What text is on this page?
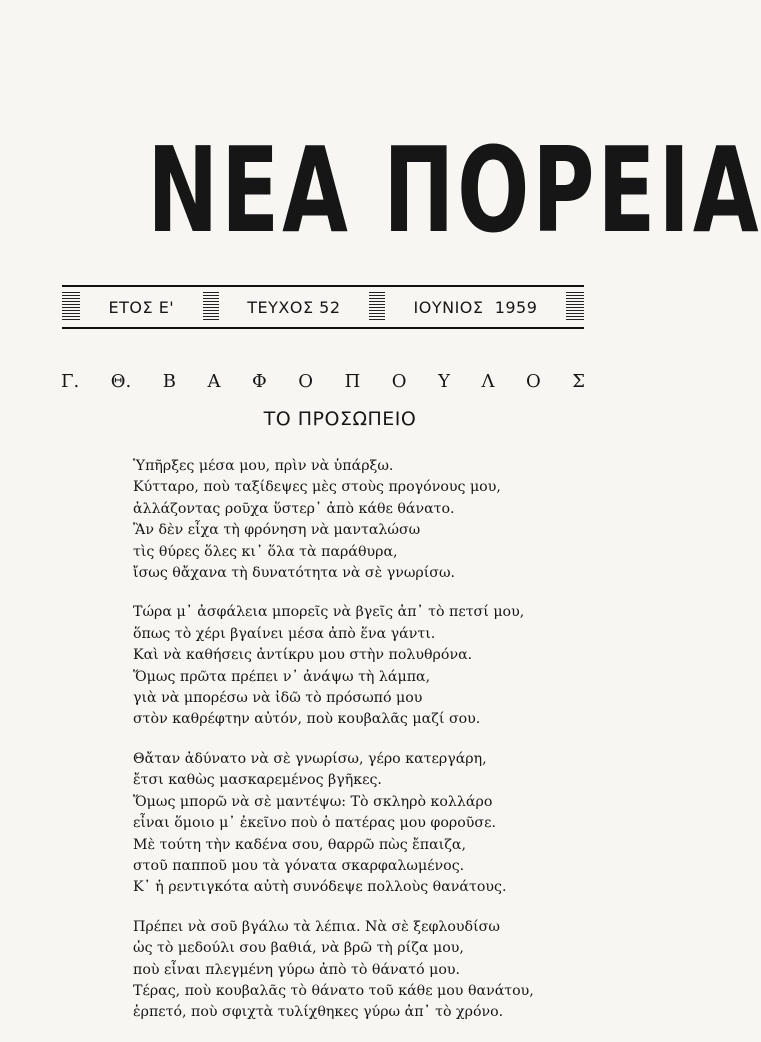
ΝΕΑ ΠΟΡΕΙΑ
ΕΤΟΣ Ε'	ΤΕΥΧΟΣ 52	ΙΟΥΝΙΟΣ 1959
Γ. Θ. Β Α Φ Ο Π Ο Υ Λ Ο Σ
ΤΟ ΠΡΟΣΩΠΕΙΟ
Ὑπῆρξες μέσα μου, πρὶν νὰ ὑπάρξω.
Κύτταρο, ποὺ ταξίδεψες μὲς στοὺς προγόνους μου,
ἀλλάζοντας ροῦχα ὕστερ᾽ ἀπὸ κάθε θάνατο.
Ἂν δὲν εἶχα τὴ φρόνηση νὰ μανταλώσω
τὶς θύρες ὅλες κι᾽ ὅλα τὰ παράθυρα,
ἴσως θἄχανα τὴ δυνατότητα νὰ σὲ γνωρίσω.
Τώρα μ᾽ ἀσφάλεια μπορεῖς νὰ βγεῖς ἀπ᾽ τὸ πετσί μου,
ὅπως τὸ χέρι βγαίνει μέσα ἀπὸ ἕνα γάντι.
Καὶ νὰ καθήσεις ἀντίκρυ μου στὴν πολυθρόνα.
Ὅμως πρῶτα πρέπει ν᾽ ἀνάψω τὴ λάμπα,
γιὰ νὰ μπορέσω νὰ ἰδῶ τὸ πρόσωπό μου
στὸν καθρέφτην αὐτόν, ποὺ κουβαλᾶς μαζί σου.
Θἄταν ἀδύνατο νὰ σὲ γνωρίσω, γέρο κατεργάρη,
ἔτσι καθὼς μασκαρεμένος βγῆκες.
Ὅμως μπορῶ νὰ σὲ μαντέψω: Τὸ σκληρὸ κολλάρο
εἶναι ὅμοιο μ᾽ ἐκεῖνο ποὺ ὁ πατέρας μου φοροῦσε.
Μὲ τούτη τὴν καδένα σου, θαρρῶ πὼς ἔπαιζα,
στοῦ παπποῦ μου τὰ γόνατα σκαρφαλωμένος.
Κ᾽ ἡ ρεντιγκότα αὐτὴ συνόδεψε πολλοὺς θανάτους.
Πρέπει νὰ σοῦ βγάλω τὰ λέπια. Νὰ σὲ ξεφλουδίσω
ὡς τὸ μεδούλι σου βαθιά, νὰ βρῶ τὴ ρίζα μου,
ποὺ εἶναι πλεγμένη γύρω ἀπὸ τὸ θάνατό μου.
Τέρας, ποὺ κουβαλᾶς τὸ θάνατο τοῦ κάθε μου θανάτου,
ἑρπετό, ποὺ σφιχτὰ τυλίχθηκες γύρω ἀπ᾽ τὸ χρόνο.
